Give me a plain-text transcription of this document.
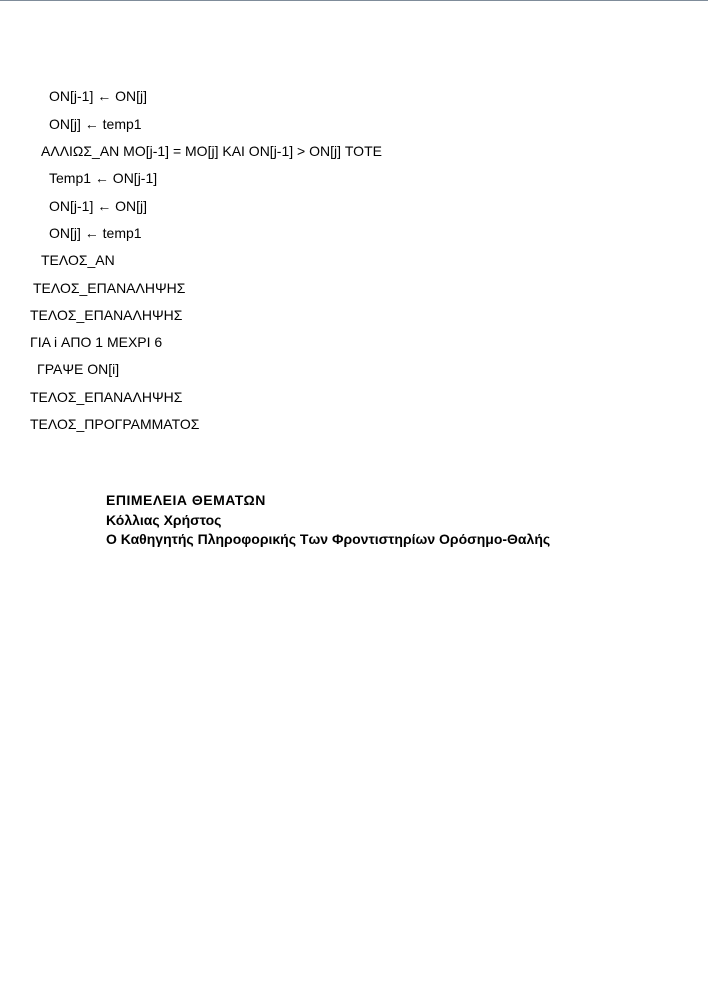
ON[j-1] ← ON[j]
ON[j] ← temp1
ΑΛΛΙΩΣ_ΑΝ ΜΟ[j-1] = ΜΟ[j] ΚΑΙ ON[j-1] > ON[j] ΤΟΤΕ
Temp1 ← ON[j-1]
ON[j-1] ← ON[j]
ON[j] ← temp1
ΤΕΛΟΣ_ΑΝ
ΤΕΛΟΣ_ΕΠΑΝΑΛΗΨΗΣ
ΤΕΛΟΣ_ΕΠΑΝΑΛΗΨΗΣ
ΓΙΑ i ΑΠΟ 1 ΜΕΧΡΙ 6
ΓΡΑΨΕ ON[i]
ΤΕΛΟΣ_ΕΠΑΝΑΛΗΨΗΣ
ΤΕΛΟΣ_ΠΡΟΓΡΑΜΜΑΤΟΣ
ΕΠΙΜΕΛΕΙΑ ΘΕΜΑΤΩΝ
Κόλλιας Χρήστος
Ο Καθηγητής Πληροφορικής Των Φροντιστηρίων Ορόσημο-Θαλής
